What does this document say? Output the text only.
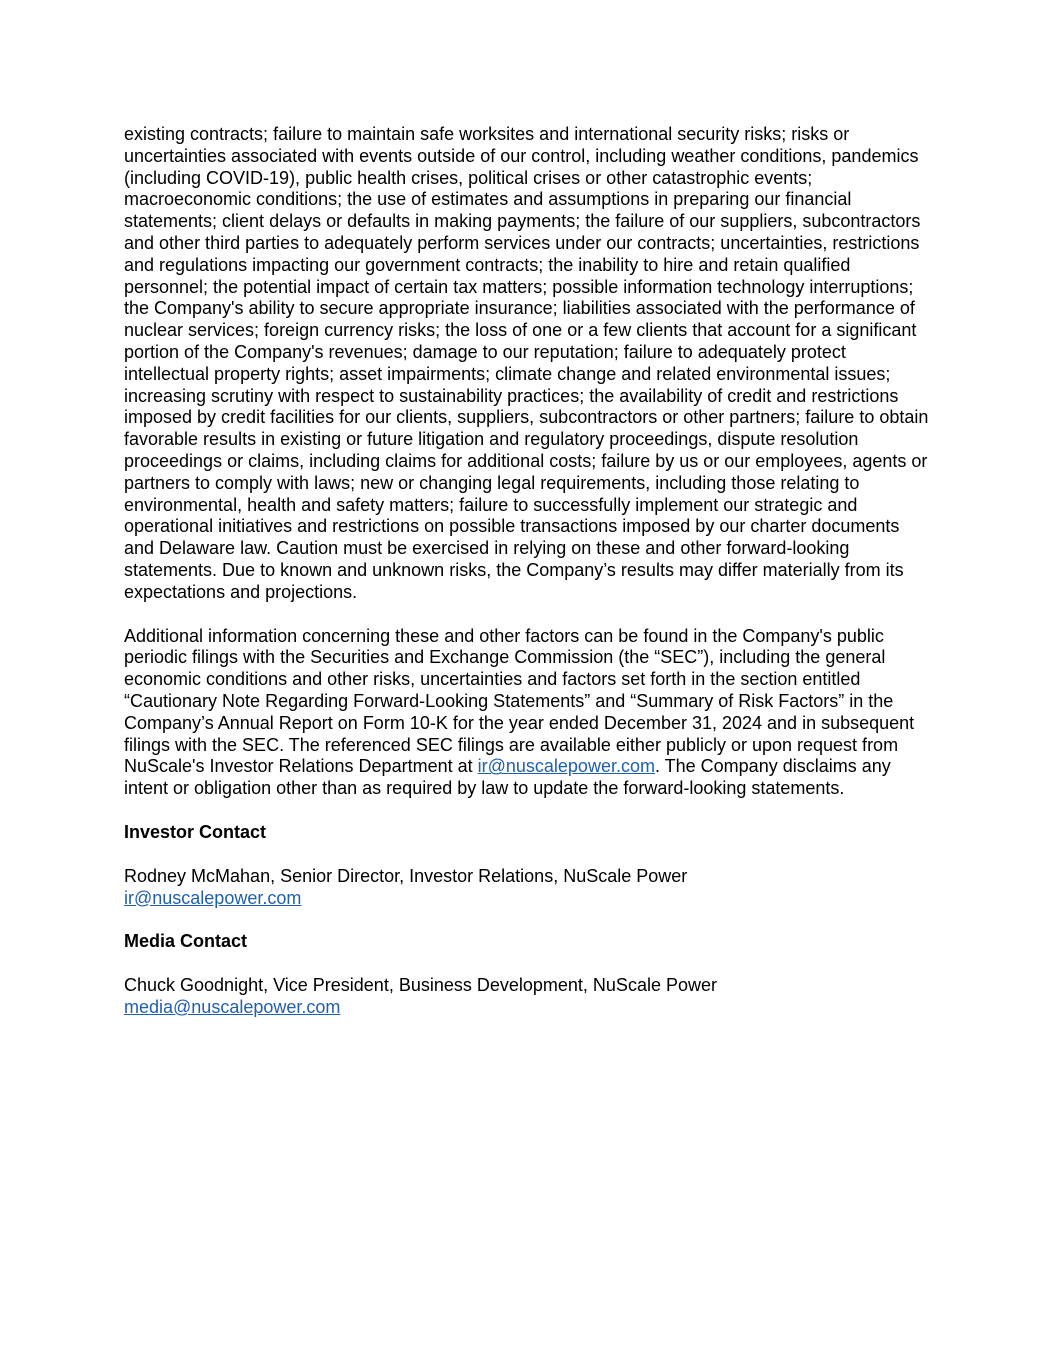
existing contracts; failure to maintain safe worksites and international security risks; risks or uncertainties associated with events outside of our control, including weather conditions, pandemics (including COVID-19), public health crises, political crises or other catastrophic events; macroeconomic conditions; the use of estimates and assumptions in preparing our financial statements; client delays or defaults in making payments; the failure of our suppliers, subcontractors and other third parties to adequately perform services under our contracts; uncertainties, restrictions and regulations impacting our government contracts; the inability to hire and retain qualified personnel; the potential impact of certain tax matters; possible information technology interruptions; the Company's ability to secure appropriate insurance; liabilities associated with the performance of nuclear services; foreign currency risks; the loss of one or a few clients that account for a significant portion of the Company's revenues; damage to our reputation; failure to adequately protect intellectual property rights; asset impairments; climate change and related environmental issues; increasing scrutiny with respect to sustainability practices; the availability of credit and restrictions imposed by credit facilities for our clients, suppliers, subcontractors or other partners; failure to obtain favorable results in existing or future litigation and regulatory proceedings, dispute resolution proceedings or claims, including claims for additional costs; failure by us or our employees, agents or partners to comply with laws; new or changing legal requirements, including those relating to environmental, health and safety matters; failure to successfully implement our strategic and operational initiatives and restrictions on possible transactions imposed by our charter documents and Delaware law. Caution must be exercised in relying on these and other forward-looking statements. Due to known and unknown risks, the Company’s results may differ materially from its expectations and projections.

Additional information concerning these and other factors can be found in the Company's public periodic filings with the Securities and Exchange Commission (the “SEC”), including the general economic conditions and other risks, uncertainties and factors set forth in the section entitled “Cautionary Note Regarding Forward-Looking Statements” and “Summary of Risk Factors” in the Company’s Annual Report on Form 10-K for the year ended December 31, 2024 and in subsequent filings with the SEC. The referenced SEC filings are available either publicly or upon request from NuScale's Investor Relations Department at ir@nuscalepower.com. The Company disclaims any intent or obligation other than as required by law to update the forward-looking statements.

Investor Contact

Rodney McMahan, Senior Director, Investor Relations, NuScale Power
ir@nuscalepower.com

Media Contact

Chuck Goodnight, Vice President, Business Development, NuScale Power
media@nuscalepower.com
